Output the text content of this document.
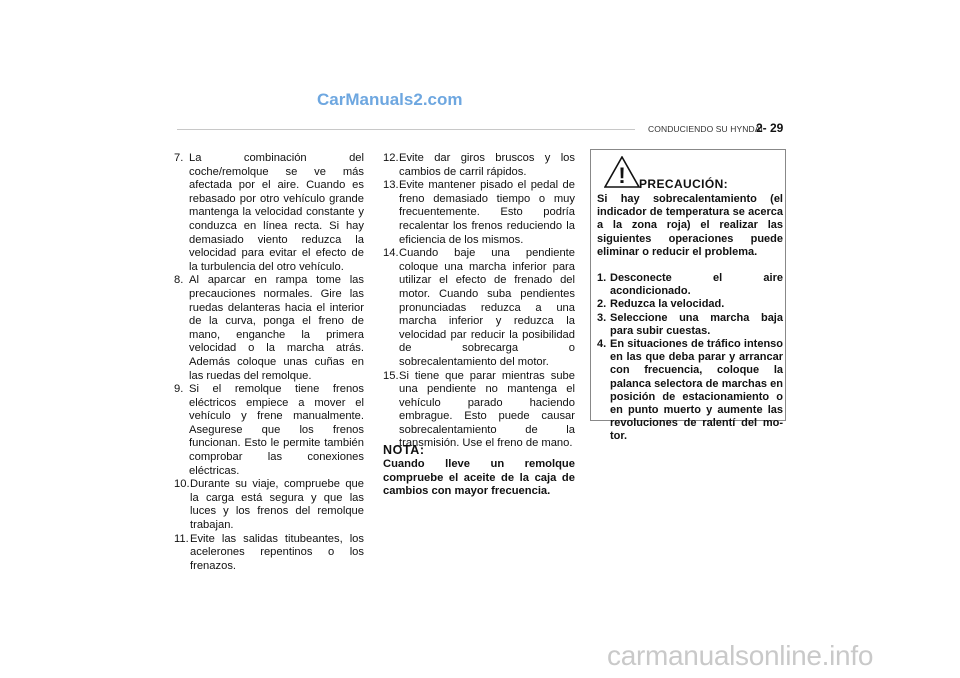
CarManuals2.com
CONDUCIENDO SU HYNDAI
2- 29
7. La combinación del coche/remolque se ve más afectada por el aire. Cuando es rebasado por otro vehículo grande mantenga la velocidad constante y conduzca en línea recta. Si hay demasiado viento reduzca la velocidad para evitar el efecto de la turbulencia del otro vehículo.
8. Al aparcar en rampa tome las precauciones normales. Gire las ruedas delanteras hacia el interior de la curva, ponga el freno de mano, enganche la primera velocidad o la marcha atrás. Además coloque unas cuñas en las ruedas del remolque.
9. Si el remolque tiene frenos eléctricos empiece a mover el vehículo y frene manualmente. Asegurese que los frenos funcionan. Esto le permite también comprobar las conexiones eléctricas.
10. Durante su viaje, compruebe que la carga está segura y que las luces y los frenos del remolque trabajan.
11. Evite las salidas titubeantes, los acelerones repentinos o los frenazos.
12. Evite dar giros bruscos y los cambios de carril rápidos.
13. Evite mantener pisado el pedal de freno demasiado tiempo o muy frecuentemente. Esto podría recalentar los frenos reduciendo la eficiencia de los mismos.
14. Cuando baje una pendiente coloque una marcha inferior para utilizar el efecto de frenado del motor. Cuando suba pendientes pronunciadas reduzca a una marcha inferior y reduzca la velocidad par reducir la posibilidad de sobrecarga o sobrecalentamiento del motor.
15. Si tiene que parar mientras sube una pendiente no mantenga el vehículo parado haciendo embrague. Esto puede causar sobrecalentamiento de la transmisión. Use el freno de mano.
NOTA:
Cuando lleve un remolque compruebe el aceite de la caja de cambios con mayor frecuencia.
! PRECAUCIÓN:
Si hay sobrecalentamiento (el indicador de temperatura se acerca a la zona roja) el realizar las siguientes operaciones puede eliminar o reducir el problema.
1. Desconecte el aire acondicionado.
2. Reduzca la velocidad.
3. Seleccione una marcha baja para subir cuestas.
4. En situaciones de tráfico intenso en las que deba parar y arrancar con frecuencia, coloque la palanca selectora de marchas en posición de estacionamiento o en punto muerto y aumente las revoluciones de ralentí del mo-tor.
carmanualsonline.info
